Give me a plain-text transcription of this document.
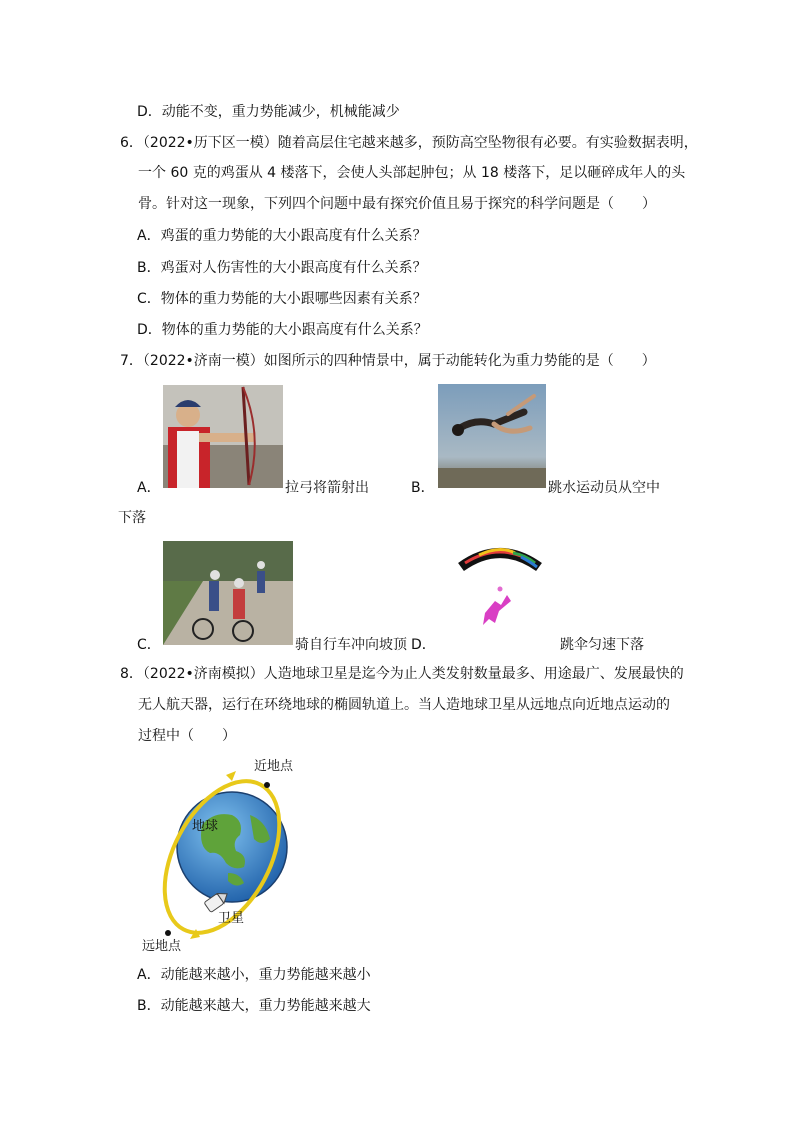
D．动能不变，重力势能减少，机械能减少
6．（2022•历下区一模）随着高层住宅越来越多，预防高空坠物很有必要。有实验数据表明，
一个 60 克的鸡蛋从 4 楼落下，会使人头部起肿包；从 18 楼落下，足以砸碎成年人的头
骨。针对这一现象，下列四个问题中最有探究价值且易于探究的科学问题是（　　）
A．鸡蛋的重力势能的大小跟高度有什么关系？
B．鸡蛋对人伤害性的大小跟高度有什么关系？
C．物体的重力势能的大小跟哪些因素有关系？
D．物体的重力势能的大小跟高度有什么关系？
7．（2022•济南一模）如图所示的四种情景中，属于动能转化为重力势能的是（　　）
A．	拉弓将箭射出	B．	跳水运动员从空中
下落
C．	骑自行车冲向坡顶 D．	跳伞匀速下落
8．（2022•济南模拟）人造地球卫星是迄今为止人类发射数量最多、用途最广、发展最快的
无人航天器，运行在环绕地球的椭圆轨道上。当人造地球卫星从远地点向近地点运动的
过程中（　　）
近地点
地球
卫星
远地点
A．动能越来越小，重力势能越来越小
B．动能越来越大，重力势能越来越大
